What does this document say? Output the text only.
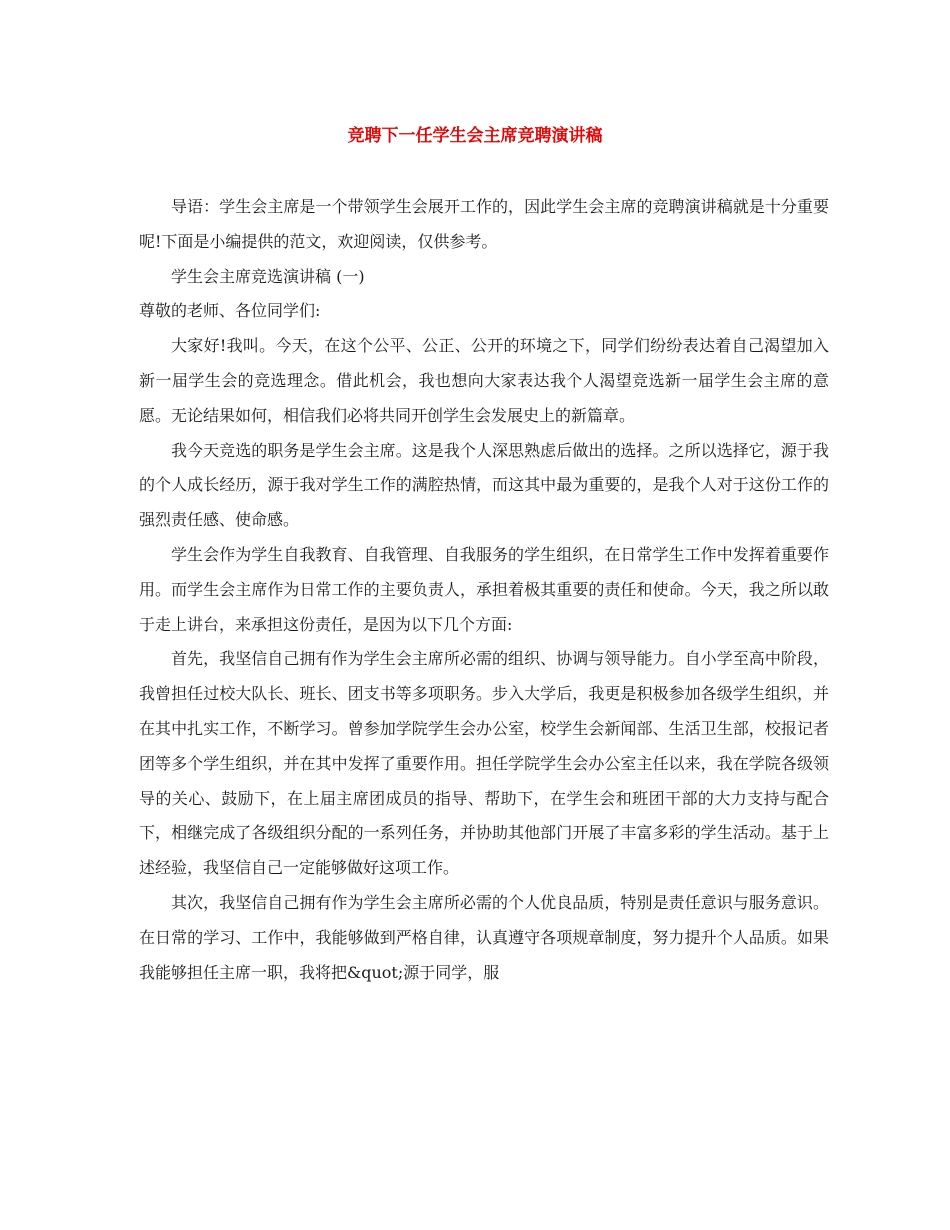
竞聘下一任学生会主席竞聘演讲稿

导语：学生会主席是一个带领学生会展开工作的，因此学生会主席的竞聘演讲稿就是十分重要呢!下面是小编提供的范文，欢迎阅读，仅供参考。

学生会主席竞选演讲稿 (一)

尊敬的老师、各位同学们:

大家好!我叫。今天，在这个公平、公正、公开的环境之下，同学们纷纷表达着自己渴望加入新一届学生会的竞选理念。借此机会，我也想向大家表达我个人渴望竞选新一届学生会主席的意愿。无论结果如何，相信我们必将共同开创学生会发展史上的新篇章。

我今天竞选的职务是学生会主席。这是我个人深思熟虑后做出的选择。之所以选择它，源于我的个人成长经历，源于我对学生工作的满腔热情，而这其中最为重要的，是我个人对于这份工作的强烈责任感、使命感。

学生会作为学生自我教育、自我管理、自我服务的学生组织，在日常学生工作中发挥着重要作用。而学生会主席作为日常工作的主要负责人，承担着极其重要的责任和使命。今天，我之所以敢于走上讲台，来承担这份责任，是因为以下几个方面:

首先，我坚信自己拥有作为学生会主席所必需的组织、协调与领导能力。自小学至高中阶段，我曾担任过校大队长、班长、团支书等多项职务。步入大学后，我更是积极参加各级学生组织，并在其中扎实工作，不断学习。曾参加学院学生会办公室，校学生会新闻部、生活卫生部，校报记者团等多个学生组织，并在其中发挥了重要作用。担任学院学生会办公室主任以来，我在学院各级领导的关心、鼓励下，在上届主席团成员的指导、帮助下，在学生会和班团干部的大力支持与配合下，相继完成了各级组织分配的一系列任务，并协助其他部门开展了丰富多彩的学生活动。基于上述经验，我坚信自己一定能够做好这项工作。

其次，我坚信自己拥有作为学生会主席所必需的个人优良品质，特别是责任意识与服务意识。在日常的学习、工作中，我能够做到严格自律，认真遵守各项规章制度，努力提升个人品质。如果我能够担任主席一职，我将把&quot;源于同学，服
